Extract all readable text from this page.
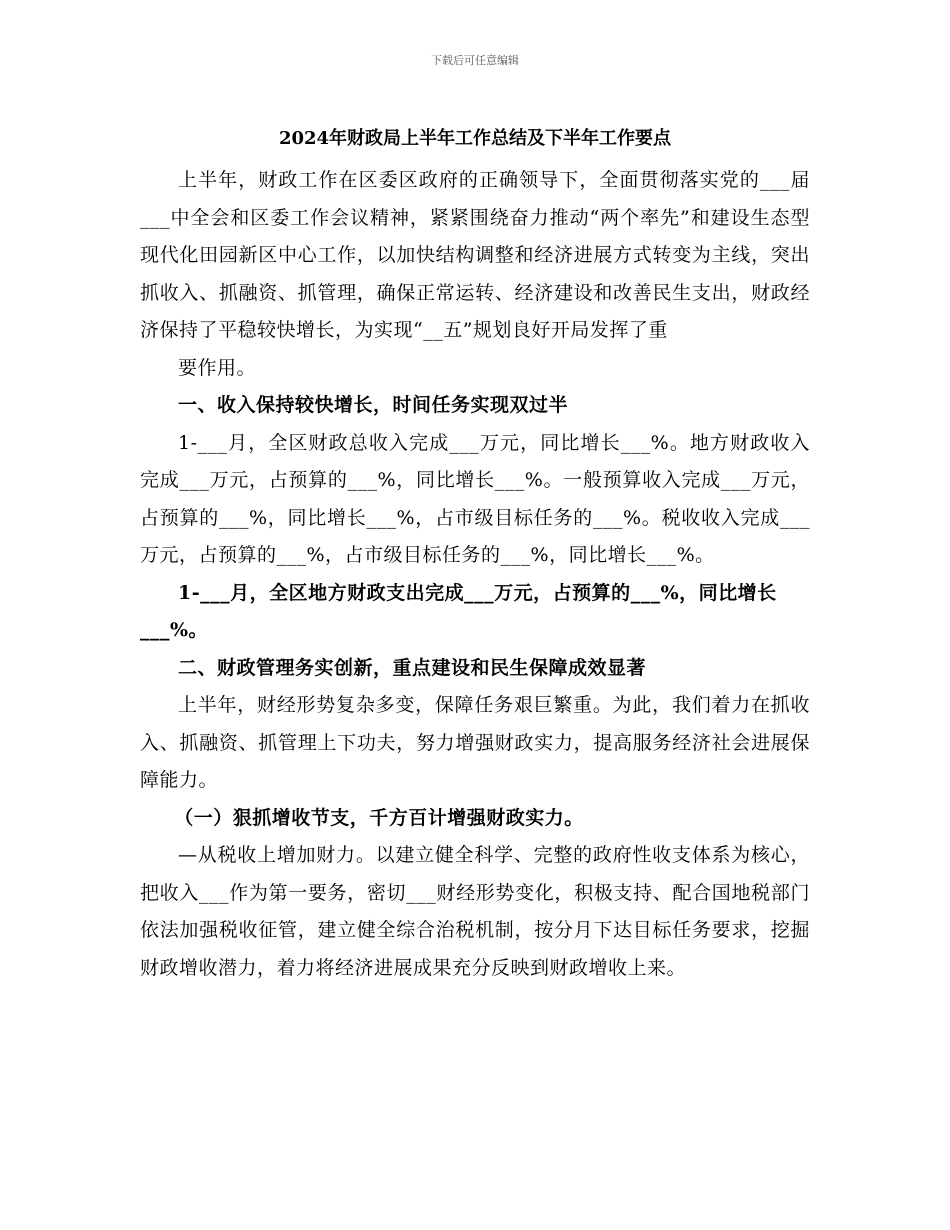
下载后可任意编辑
2024年财政局上半年工作总结及下半年工作要点

上半年，财政工作在区委区政府的正确领导下，全面贯彻落实党的___届___中全会和区委工作会议精神，紧紧围绕奋力推动“两个率先”和建设生态型现代化田园新区中心工作，以加快结构调整和经济进展方式转变为主线，突出抓收入、抓融资、抓管理，确保正常运转、经济建设和改善民生支出，财政经济保持了平稳较快增长，为实现“__五”规划良好开局发挥了重

要作用。

一、收入保持较快增长，时间任务实现双过半

1-___月，全区财政总收入完成___万元，同比增长___%。地方财政收入完成___万元，占预算的___%，同比增长___%。一般预算收入完成___万元，占预算的___%，同比增长___%，占市级目标任务的___%。税收收入完成___万元，占预算的___%，占市级目标任务的___%，同比增长___%。

1-___月，全区地方财政支出完成___万元，占预算的___%，同比增长___%。

二、财政管理务实创新，重点建设和民生保障成效显著

上半年，财经形势复杂多变，保障任务艰巨繁重。为此，我们着力在抓收入、抓融资、抓管理上下功夫，努力增强财政实力，提高服务经济社会进展保障能力。

（一）狠抓增收节支，千方百计增强财政实力。

—从税收上增加财力。以建立健全科学、完整的政府性收支体系为核心，把收入___作为第一要务，密切___财经形势变化，积极支持、配合国地税部门依法加强税收征管，建立健全综合治税机制，按分月下达目标任务要求，挖掘财政增收潜力，着力将经济进展成果充分反映到财政增收上来。
